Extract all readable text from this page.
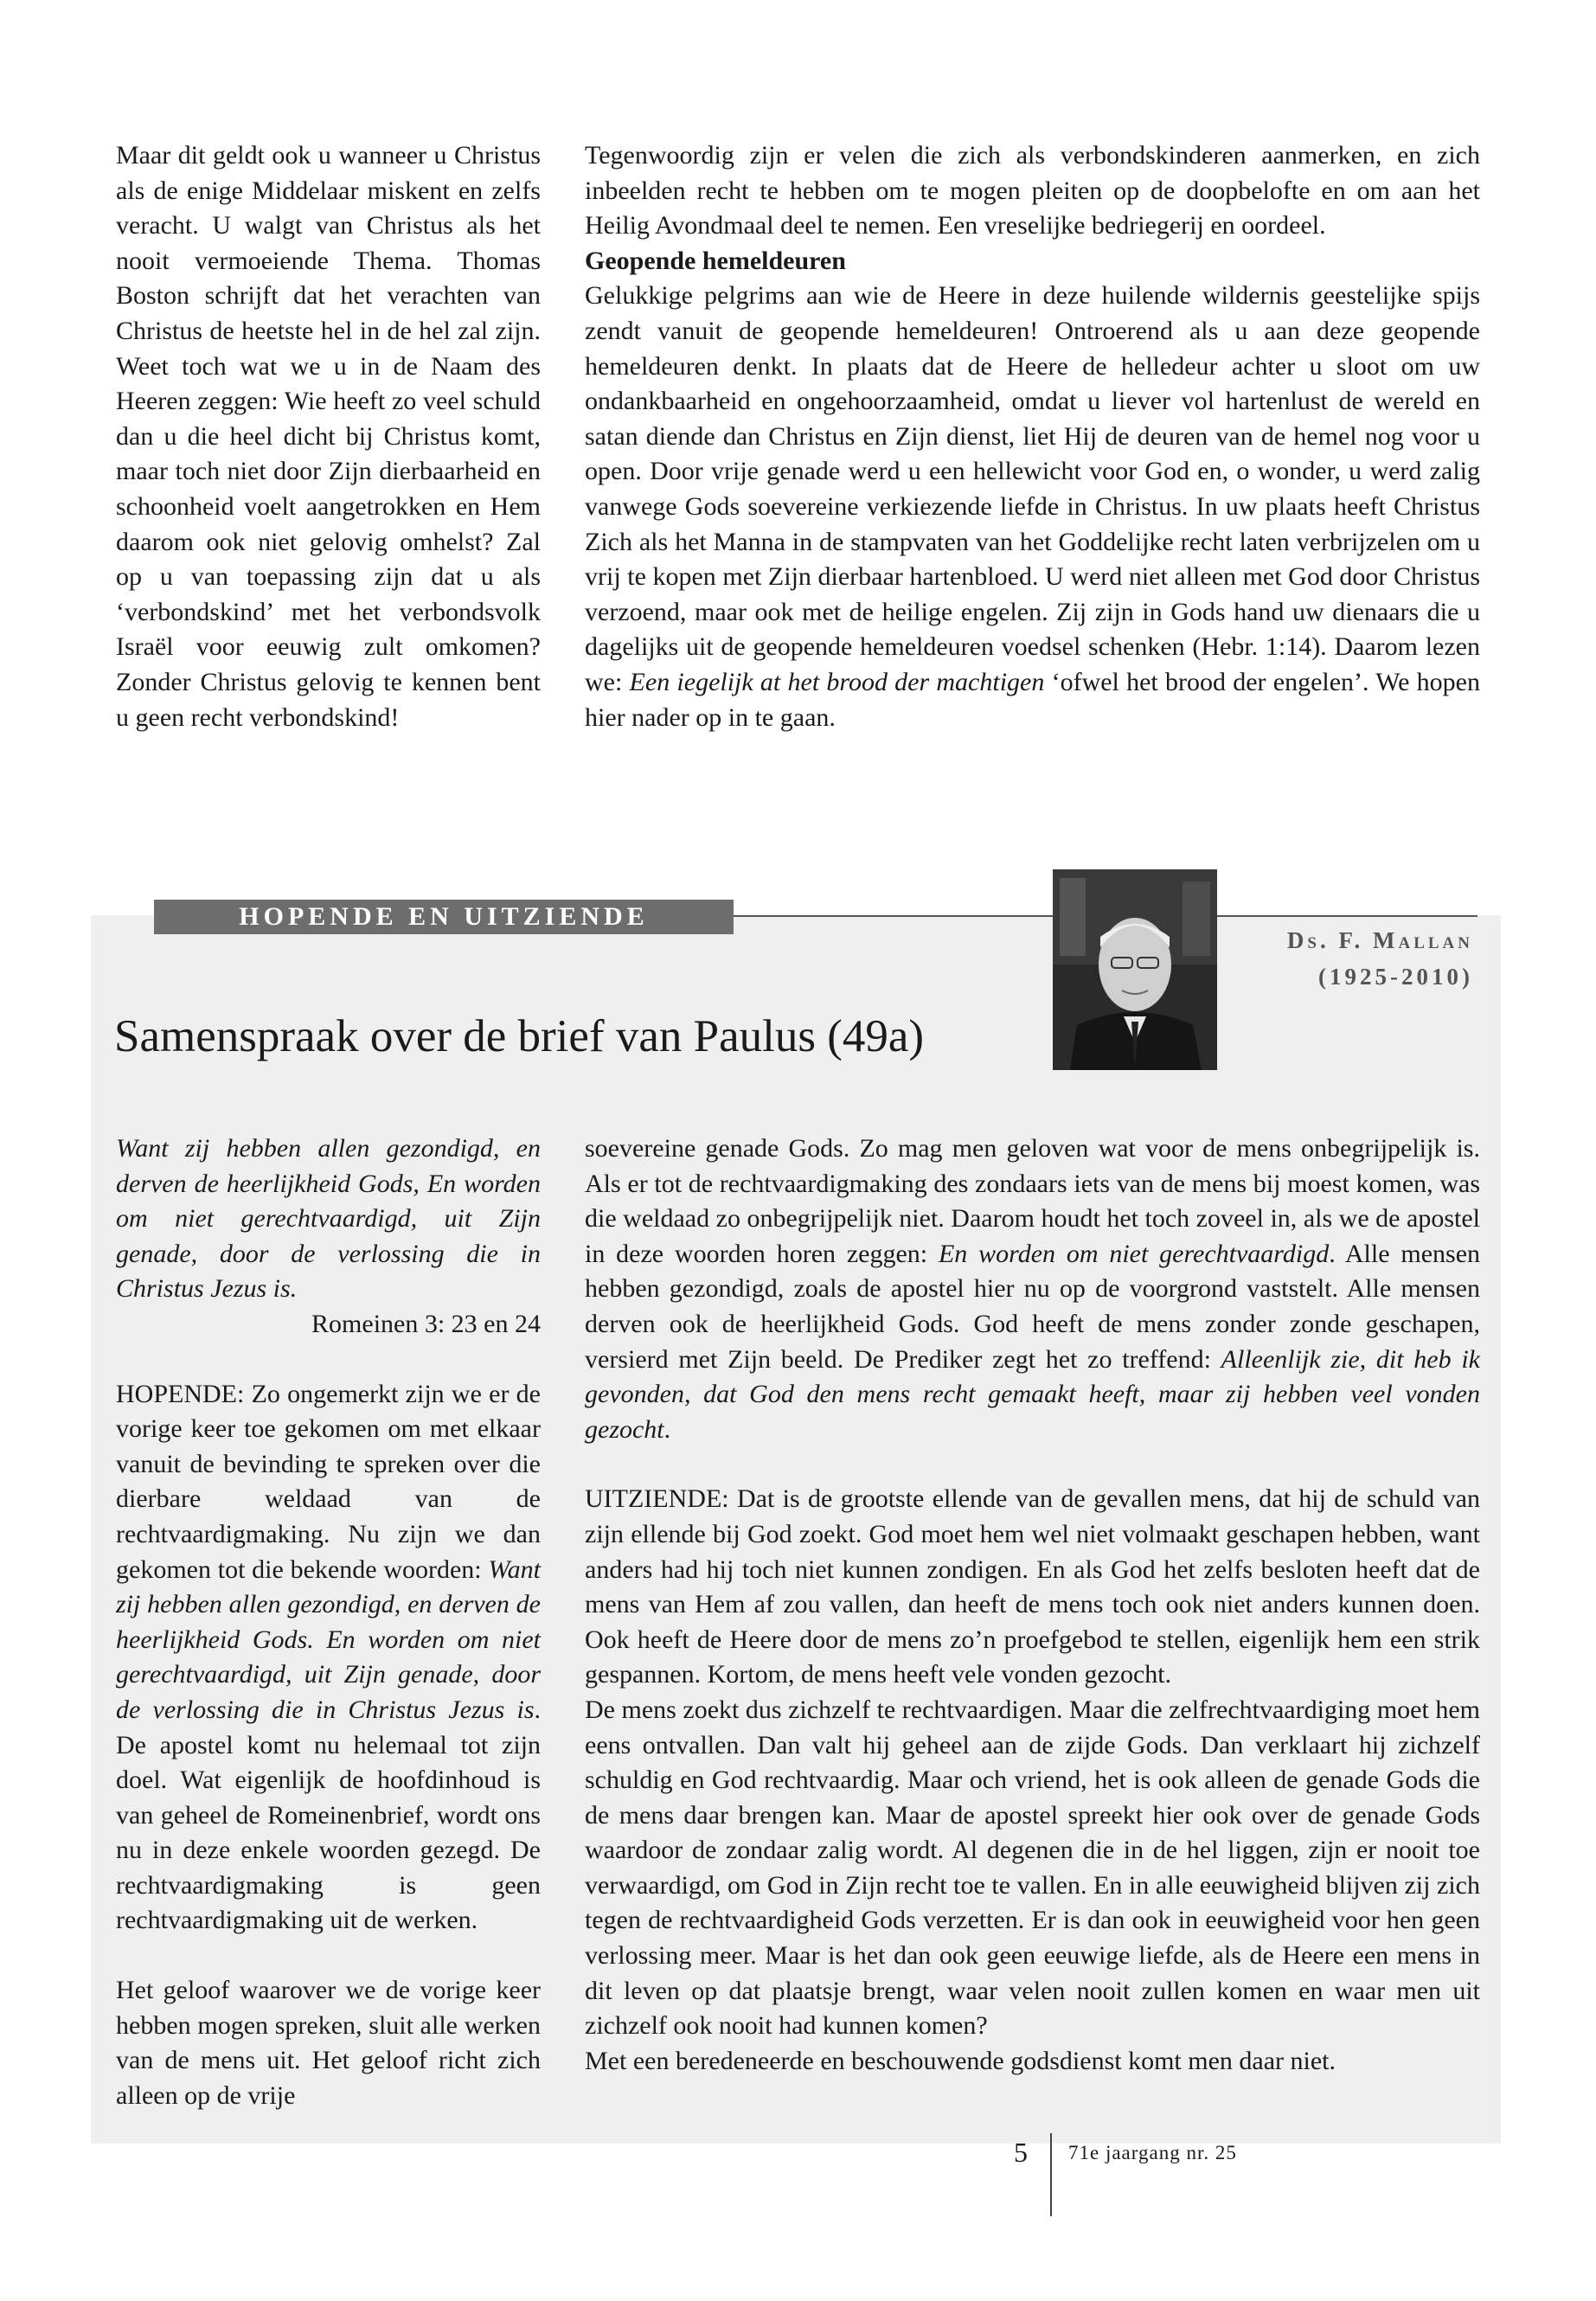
Maar dit geldt ook u wanneer u Christus als de enige Middelaar miskent en zelfs veracht. U walgt van Christus als het nooit vermoeiende Thema. Thomas Boston schrijft dat het verachten van Christus de heetste hel in de hel zal zijn. Weet toch wat we u in de Naam des Heeren zeggen: Wie heeft zo veel schuld dan u die heel dicht bij Christus komt, maar toch niet door Zijn dierbaarheid en schoonheid voelt aangetrokken en Hem daarom ook niet gelovig omhelst? Zal op u van toepassing zijn dat u als ‘verbondskind’ met het verbondsvolk Israël voor eeuwig zult omkomen? Zonder Christus gelovig te kennen bent u geen recht verbondskind!

Tegenwoordig zijn er velen die zich als verbondskinderen aanmerken, en zich inbeelden recht te hebben om te mogen pleiten op de doopbelofte en om aan het Heilig Avondmaal deel te nemen. Een vreselijke bedriegerij en oordeel.

Geopende hemeldeuren

Gelukkige pelgrims aan wie de Heere in deze huilende wildernis geestelijke spijs zendt vanuit de geopende hemeldeuren! Ontroerend als u aan deze geopende hemeldeuren denkt. In plaats dat de Heere de helledeur achter u sloot om uw ondankbaarheid en ongehoorzaamheid, omdat u liever vol hartenlust de wereld en satan diende dan Christus en Zijn dienst, liet Hij de deuren van de hemel nog voor u open. Door vrije genade werd u een hellewicht voor God en, o wonder, u werd zalig vanwege Gods soevereine verkiezende liefde in Christus. In uw plaats heeft Christus Zich als het Manna in de stampvaten van het Goddelijke recht laten verbrijzelen om u vrij te kopen met Zijn dierbaar hartenbloed. U werd niet alleen met God door Christus verzoend, maar ook met de heilige engelen. Zij zijn in Gods hand uw dienaars die u dagelijks uit de geopende hemeldeuren voedsel schenken (Hebr. 1:14). Daarom lezen we: Een iegelijk at het brood der machtigen ‘ofwel het brood der engelen’. We hopen hier nader op in te gaan.

HOPENDE EN UITZIENDE
Ds. F. Mallan
(1925-2010)
Samenspraak over de brief van Paulus (49a)

Want zij hebben allen gezondigd, en derven de heerlijkheid Gods, En worden om niet gerechtvaardigd, uit Zijn genade, door de verlossing die in Christus Jezus is.

Romeinen 3: 23 en 24

HOPENDE: Zo ongemerkt zijn we er de vorige keer toe gekomen om met elkaar vanuit de bevinding te spreken over die dierbare weldaad van de rechtvaardigmaking. Nu zijn we dan gekomen tot die bekende woorden: Want zij hebben allen gezondigd, en derven de heerlijkheid Gods. En worden om niet gerechtvaardigd, uit Zijn genade, door de verlossing die in Christus Jezus is. De apostel komt nu helemaal tot zijn doel. Wat eigenlijk de hoofdinhoud is van geheel de Romeinenbrief, wordt ons nu in deze enkele woorden gezegd. De rechtvaardigmaking is geen rechtvaardigmaking uit de werken.

Het geloof waarover we de vorige keer hebben mogen spreken, sluit alle werken van de mens uit. Het geloof richt zich alleen op de vrije

soevereine genade Gods. Zo mag men geloven wat voor de mens onbegrijpelijk is. Als er tot de rechtvaardigmaking des zondaars iets van de mens bij moest komen, was die weldaad zo onbegrijpelijk niet. Daarom houdt het toch zoveel in, als we de apostel in deze woorden horen zeggen: En worden om niet gerechtvaardigd. Alle mensen hebben gezondigd, zoals de apostel hier nu op de voorgrond vaststelt. Alle mensen derven ook de heerlijkheid Gods. God heeft de mens zonder zonde geschapen, versierd met Zijn beeld. De Prediker zegt het zo treffend: Alleenlijk zie, dit heb ik gevonden, dat God den mens recht gemaakt heeft, maar zij hebben veel vonden gezocht.

UITZIENDE: Dat is de grootste ellende van de gevallen mens, dat hij de schuld van zijn ellende bij God zoekt. God moet hem wel niet volmaakt geschapen hebben, want anders had hij toch niet kunnen zondigen. En als God het zelfs besloten heeft dat de mens van Hem af zou vallen, dan heeft de mens toch ook niet anders kunnen doen. Ook heeft de Heere door de mens zo’n proefgebod te stellen, eigenlijk hem een strik gespannen. Kortom, de mens heeft vele vonden gezocht.

De mens zoekt dus zichzelf te rechtvaardigen. Maar die zelfrechtvaardiging moet hem eens ontvallen. Dan valt hij geheel aan de zijde Gods. Dan verklaart hij zichzelf schuldig en God rechtvaardig. Maar och vriend, het is ook alleen de genade Gods die de mens daar brengen kan. Maar de apostel spreekt hier ook over de genade Gods waardoor de zondaar zalig wordt. Al degenen die in de hel liggen, zijn er nooit toe verwaardigd, om God in Zijn recht toe te vallen. En in alle eeuwigheid blijven zij zich tegen de rechtvaardigheid Gods verzetten. Er is dan ook in eeuwigheid voor hen geen verlossing meer. Maar is het dan ook geen eeuwige liefde, als de Heere een mens in dit leven op dat plaatsje brengt, waar velen nooit zullen komen en waar men uit zichzelf ook nooit had kunnen komen?

Met een beredeneerde en beschouwende godsdienst komt men daar niet.

5 71e jaargang nr. 25
